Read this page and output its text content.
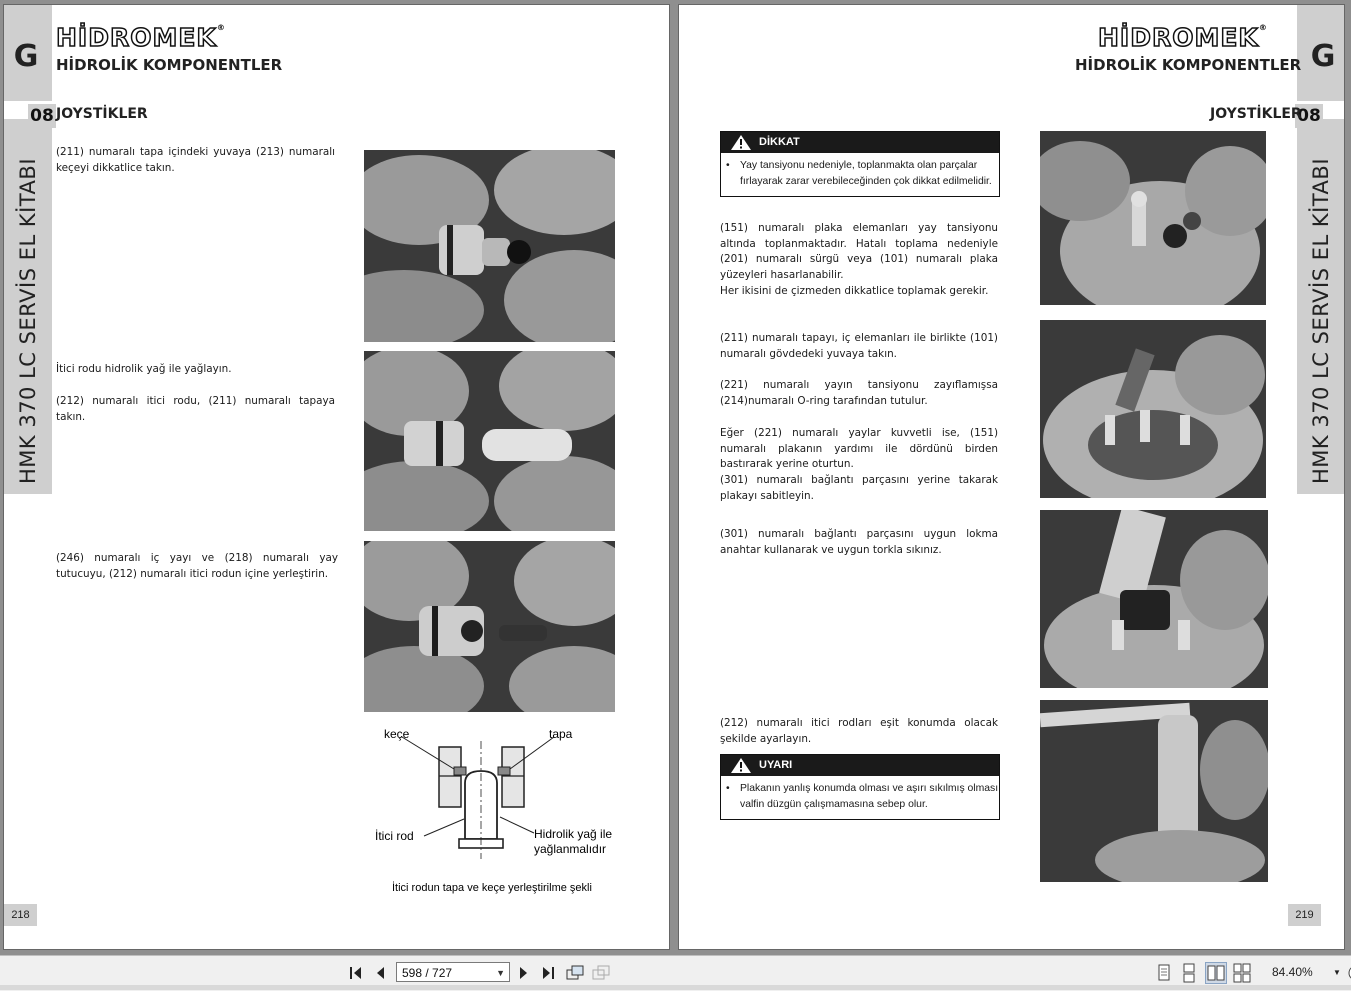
G
08
HMK 370 LC SERVİS EL KİTABI
HİDROMEK®
HİDROLİK KOMPONENTLER
JOYSTİKLER
(211) numaralı tapa içindeki yuvaya (213) numaralı keçeyi dikkatlice takın.
İtici rodu hidrolik yağ ile yağlayın.
(212) numaralı itici rodu, (211) numaralı tapaya takın.
(246) numaralı iç yayı ve (218) numaralı yay tutucuyu, (212) numaralı itici rodun içine yerleştirin.
keçe	tapa
İtici rod	Hidrolik yağ ile
yağlanmalıdır
İtici rodun tapa ve keçe yerleştirilme şekli
218
G
08
HMK 370 LC SERVİS EL KİTABI
HİDROMEK®
HİDROLİK KOMPONENTLER
JOYSTİKLER
DİKKAT
• Yay tansiyonu nedeniyle, toplanmakta olan parçalar fırlayarak zarar verebileceğinden çok dikkat edilmelidir.
(151) numaralı plaka elemanları yay tansiyonu altında toplanmaktadır. Hatalı toplama nedeniyle (201) numaralı sürgü veya (101) numaralı plaka yüzeyleri hasarlanabilir.
Her ikisini de çizmeden dikkatlice toplamak gerekir.
(211) numaralı tapayı, iç elemanları ile birlikte (101) numaralı gövdedeki yuvaya takın.
(221) numaralı yayın tansiyonu zayıflamışsa (214)numaralı O-ring tarafından tutulur.
Eğer (221) numaralı yaylar kuvvetli ise, (151) numaralı plakanın yardımı ile dördünü birden bastırarak yerine oturtun.
(301) numaralı bağlantı parçasını yerine takarak plakayı sabitleyin.
(301) numaralı bağlantı parçasını uygun lokma anahtar kullanarak ve uygun torkla sıkınız.
(212) numaralı itici rodları eşit konumda olacak şekilde ayarlayın.
UYARI
• Plakanın yanlış konumda olması ve aşırı sıkılmış olması valfin düzgün çalışmamasına sebep olur.
219
598 / 727	▼	84.40%	▼
